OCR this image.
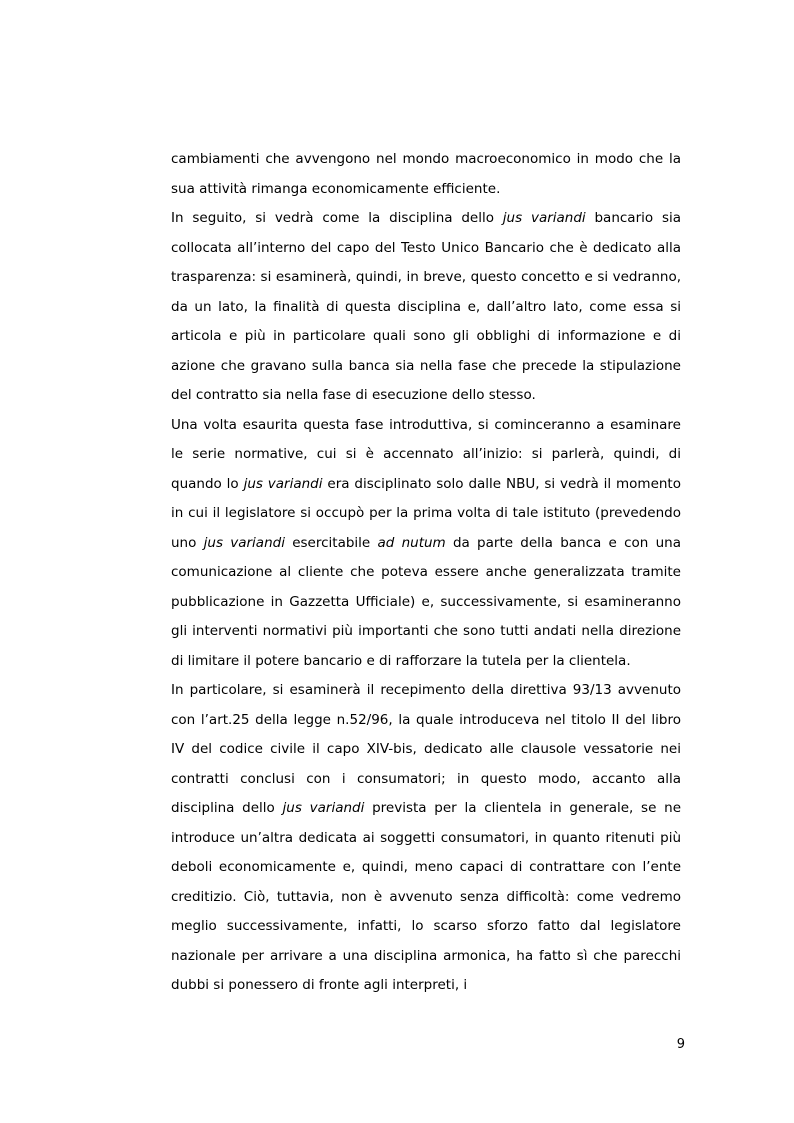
cambiamenti che avvengono nel mondo macroeconomico in modo che la sua attività rimanga economicamente efficiente.

In seguito, si vedrà come la disciplina dello jus variandi bancario sia collocata all’interno del capo del Testo Unico Bancario che è dedicato alla trasparenza: si esaminerà, quindi, in breve, questo concetto e si vedranno, da un lato, la finalità di questa disciplina e, dall’altro lato, come essa si articola e più in particolare quali sono gli obblighi di informazione e di azione che gravano sulla banca sia nella fase che precede la stipulazione del contratto sia nella fase di esecuzione dello stesso.

Una volta esaurita questa fase introduttiva, si cominceranno a esaminare le serie normative, cui si è accennato all’inizio: si parlerà, quindi, di quando lo jus variandi era disciplinato solo dalle NBU, si vedrà il momento in cui il legislatore si occupò per la prima volta di tale istituto (prevedendo uno jus variandi esercitabile ad nutum da parte della banca e con una comunicazione al cliente che poteva essere anche generalizzata tramite pubblicazione in Gazzetta Ufficiale) e, successivamente, si esamineranno gli interventi normativi più importanti che sono tutti andati nella direzione di limitare il potere bancario e di rafforzare la tutela per la clientela.

In particolare, si esaminerà il recepimento della direttiva 93/13 avvenuto con l’art.25 della legge n.52/96, la quale introduceva nel titolo II del libro IV del codice civile il capo XIV-bis, dedicato alle clausole vessatorie nei contratti conclusi con i consumatori; in questo modo, accanto alla disciplina dello jus variandi prevista per la clientela in generale, se ne introduce un’altra dedicata ai soggetti consumatori, in quanto ritenuti più deboli economicamente e, quindi, meno capaci di contrattare con l’ente creditizio. Ciò, tuttavia, non è avvenuto senza difficoltà: come vedremo meglio successivamente, infatti, lo scarso sforzo fatto dal legislatore nazionale per arrivare a una disciplina armonica, ha fatto sì che parecchi dubbi si ponessero di fronte agli interpreti, i

9
